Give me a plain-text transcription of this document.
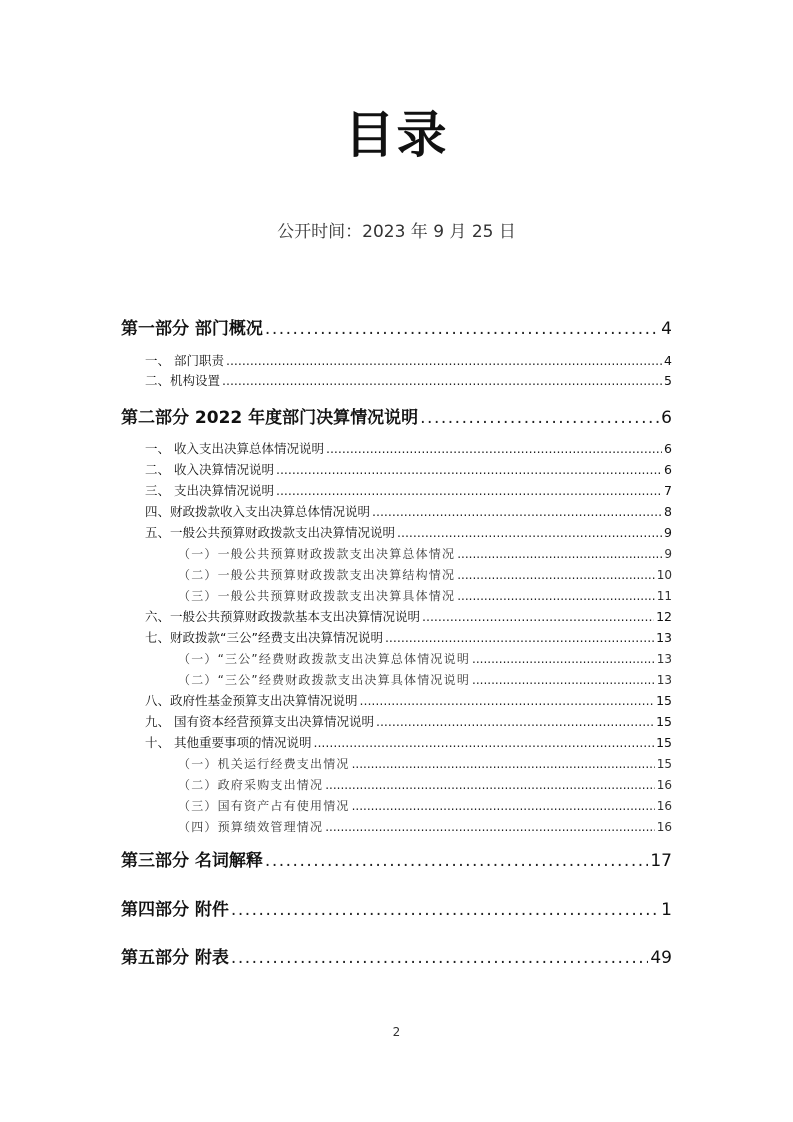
目录
公开时间：2023 年 9 月 25 日
第一部分 部门概况 .....	4
一、 部门职责 .....	4
二、机构设置 .....	5
第二部分 2022 年度部门决算情况说明 .....	6
一、 收入支出决算总体情况说明 .....	6
二、 收入决算情况说明 .....	6
三、 支出决算情况说明 .....	7
四、财政拨款收入支出决算总体情况说明 .....	8
五、一般公共预算财政拨款支出决算情况说明 .....	9
（一）一般公共预算财政拨款支出决算总体情况 .....	9
（二）一般公共预算财政拨款支出决算结构情况 .....	10
（三）一般公共预算财政拨款支出决算具体情况 .....	11
六、一般公共预算财政拨款基本支出决算情况说明 .....	12
七、财政拨款“三公”经费支出决算情况说明 .....	13
（一）“三公”经费财政拨款支出决算总体情况说明 .....	13
（二）“三公”经费财政拨款支出决算具体情况说明 .....	13
八、政府性基金预算支出决算情况说明 .....	15
九、 国有资本经营预算支出决算情况说明 .....	15
十、 其他重要事项的情况说明 .....	15
（一）机关运行经费支出情况 .....	15
（二）政府采购支出情况 .....	16
（三）国有资产占有使用情况 .....	16
（四）预算绩效管理情况 .....	16
第三部分 名词解释 .....	17
第四部分 附件 .....	1
第五部分 附表 .....	49
2
